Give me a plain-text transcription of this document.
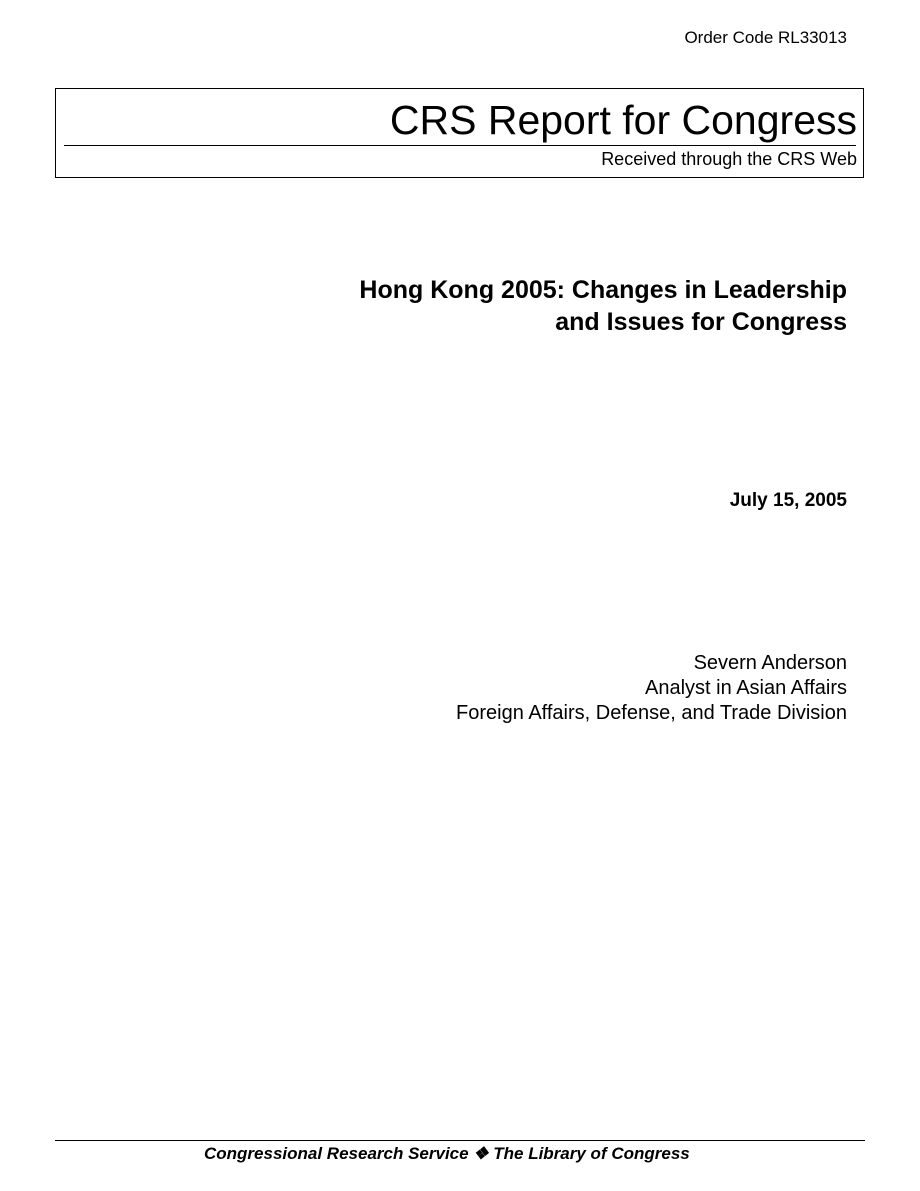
Order Code RL33013
CRS Report for Congress
Received through the CRS Web
Hong Kong 2005: Changes in Leadership
and Issues for Congress
July 15, 2005
Severn Anderson
Analyst in Asian Affairs
Foreign Affairs, Defense, and Trade Division
Congressional Research Service ❖ The Library of Congress
